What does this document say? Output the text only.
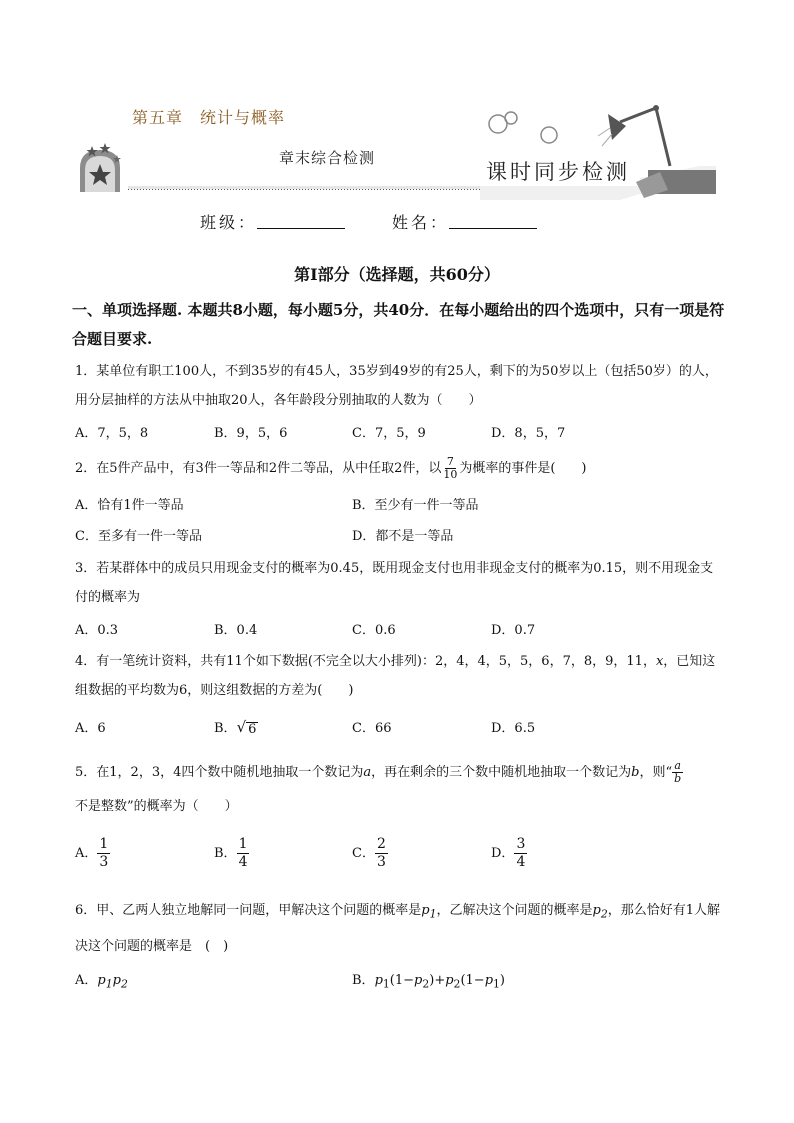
第五章　统计与概率
章末综合检测
课时同步检测
班级：	姓名：
第Ⅰ部分（选择题，共60分）
一、单项选择题. 本题共8小题，每小题5分，共40分．在每小题给出的四个选项中，只有一项是符合题目要求.
1．某单位有职工100人，不到35岁的有45人，35岁到49岁的有25人，剩下的为50岁以上（包括50岁）的人，用分层抽样的方法从中抽取20人，各年龄段分别抽取的人数为（　　）
A．7，5，8	B．9，5，6	C．7，5，9	D．8，5，7
2．在5件产品中，有3件一等品和2件二等品，从中任取2件，以 $\frac{7}{10}$ 为概率的事件是(　　)
A．恰有1件一等品	B．至少有一件一等品
C．至多有一件一等品	D．都不是一等品
3．若某群体中的成员只用现金支付的概率为0.45，既用现金支付也用非现金支付的概率为0.15，则不用现金支付的概率为
A．0.3	B．0.4	C．0.6	D．0.7
4．有一笔统计资料，共有11个如下数据(不完全以大小排列)：2，4，4，5，5，6，7，8，9，11，x，已知这组数据的平均数为6，则这组数据的方差为(　　)
A．6	B． √ 6	C．66	D．6.5
5．在1，2，3，4四个数中随机地抽取一个数记为a，再在剩余的三个数中随机地抽取一个数记为b，则“ $\frac{a}{b}$

不是整数”的概率为（　　）
A． $\frac{1}{3}$	B． $\frac{1}{4}$	C． $\frac{2}{3}$	D． $\frac{3}{4}$
6．甲、乙两人独立地解同一问题，甲解决这个问题的概率是$p_1$，乙解决这个问题的概率是$p_2$，那么恰好有1人解决这个问题的概率是　(　)
A．$p_1p_2$	B．$p_1(1-p_2)+p_2(1-p_1)$
